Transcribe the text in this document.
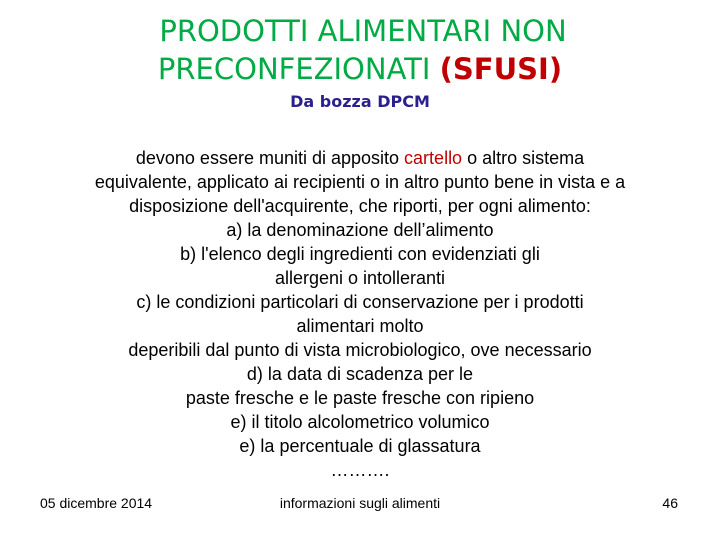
PRODOTTI ALIMENTARI NON
PRECONFEZIONATI (SFUSI)
Da bozza DPCM
devono essere muniti di apposito cartello o altro sistema
equivalente, applicato ai recipienti o in altro punto bene in vista e a
disposizione dell'acquirente, che riporti, per ogni alimento:
a) la denominazione dell’alimento
b) l'elenco degli ingredienti con evidenziati gli
allergeni o intolleranti
c) le condizioni particolari di conservazione per i prodotti
alimentari molto
deperibili dal punto di vista microbiologico, ove necessario
d) la data di scadenza per le
paste fresche e le paste fresche con ripieno
e) il titolo alcolometrico volumico
e) la percentuale di glassatura
……….
05 dicembre 2014	informazioni sugli alimenti	46
